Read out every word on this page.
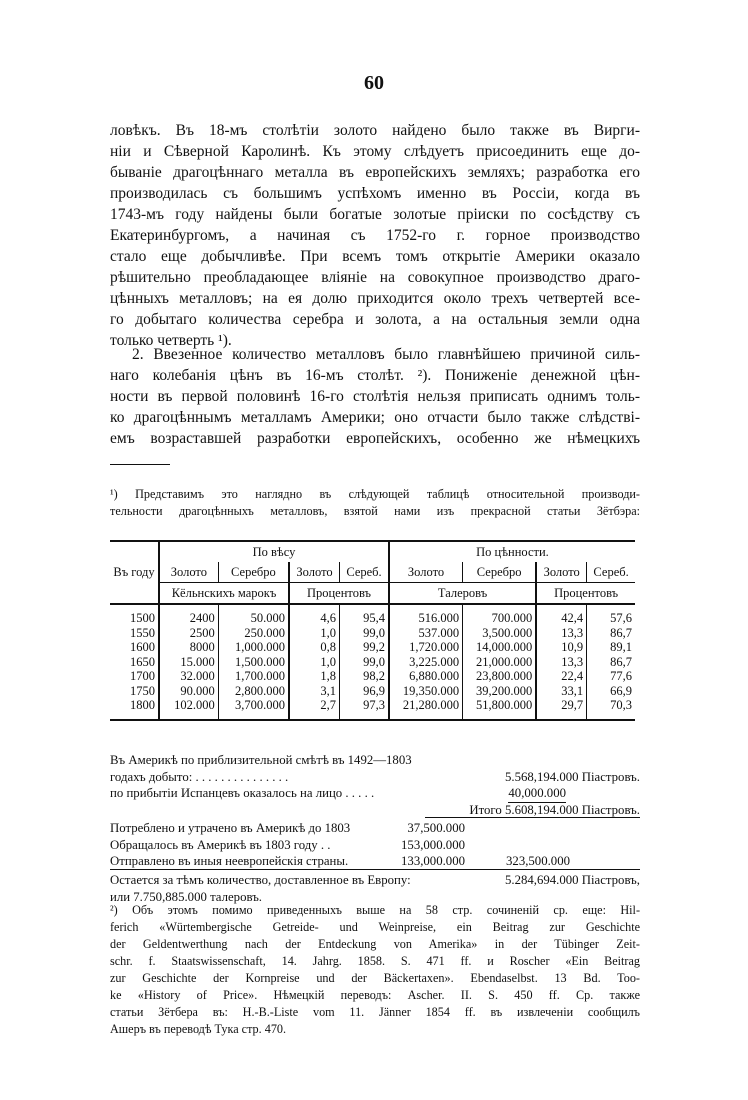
60
ловѣкъ. Въ 18-мъ столѣтіи золото найдено было также въ Вирги-
ніи и Сѣверной Каролинѣ. Къ этому слѣдуетъ присоединить еще до-
бываніе драгоцѣннаго металла въ европейскихъ земляхъ; разработка его
производилась съ большимъ успѣхомъ именно въ Россіи, когда въ
1743-мъ году найдены были богатые золотые пріиски по сосѣдству съ
Екатеринбургомъ, а начиная съ 1752-го г. горное производство
стало еще добычливѣе. При всемъ томъ открытіе Америки оказало
рѣшительно преобладающее вліяніе на совокупное производство драго-
цѣнныхъ металловъ; на ея долю приходится около трехъ четвертей все-
го добытаго количества серебра и золота, а на остальныя земли одна
только четверть ¹).
2. Ввезенное количество металловъ было главнѣйшею причиной силь-
наго колебанія цѣнъ въ 16-мъ столѣт. ²). Пониженіе денежной цѣн-
ности въ первой половинѣ 16-го столѣтія нельзя приписать однимъ толь-
ко драгоцѣннымъ металламъ Америки; оно отчасти было также слѣдстві-
емъ возраставшей разработки европейскихъ, особенно же нѣмецкихъ
¹) Представимъ это наглядно въ слѣдующей таблицѣ относительной производи-
тельности драгоцѣнныхъ металловъ, взятой нами изъ прекрасной статьи Зётбэра:
Въ году	По вѣсу				По цѣнности.			
	Золото	Серебро	Золото	Сереб.	Золото	Серебро	Золото	Сереб.
	Кёльнскихъ марокъ		Процентовъ		Талеровъ		Процентовъ	

1500	2400	50.000	4,6	95,4	516.000	700.000	42,4	57,6
1550	2500	250.000	1,0	99,0	537.000	3,500.000	13,3	86,7
1600	8000	1,000.000	0,8	99,2	1,720.000	14,000.000	10,9	89,1
1650	15.000	1,500.000	1,0	99,0	3,225.000	21,000.000	13,3	86,7
1700	32.000	1,700.000	1,8	98,2	6,880.000	23,800.000	22,4	77,6
1750	90.000	2,800.000	3,1	96,9	19,350.000	39,200.000	33,1	66,9
1800	102.000	3,700.000	2,7	97,3	21,280.000	51,800.000	29,7	70,3

Въ Америкѣ по приблизительной смѣтѣ въ 1492—1803
годахъ добыто: . . . . . . . . . . . . . . .	5.568,194.000 Піастровъ.
по прибытіи Испанцевъ оказалось на лицо . . . . .	40,000.000
Итого 5.608,194.000 Піастровъ.
Потреблено и утрачено въ Америкѣ до 1803	37,500.000
Обращалось въ Америкѣ въ 1803 году . .	153,000.000
Отправлено въ иныя неевропейскія страны.	133,000.000	323,500.000
Остается за тѣмъ количество, доставленное въ Европу:	5.284,694.000 Піастровъ,
или 7.750,885.000 талеровъ.
²) Объ этомъ помимо приведенныхъ выше на 58 стр. сочиненій ср. еще: Hil-
ferich «Würtembergische Getreide- und Weinpreise, ein Beitrag zur Geschichte
der Geldentwerthung nach der Entdeckung von Amerika» in der Tübinger Zeit-
schr. f. Staatswissenschaft, 14. Jahrg. 1858. S. 471 ff. и Roscher «Ein Beitrag
zur Geschichte der Kornpreise und der Bäckertaxen». Ebendaselbst. 13 Bd. Too-
ke «History of Price». Нѣмецкій переводъ: Ascher. II. S. 450 ff. Ср. также
статьи Зётбера въ: H.-B.-Liste vom 11. Jänner 1854 ff. въ извлеченіи сообщилъ
Ашеръ въ переводѣ Тука стр. 470.
